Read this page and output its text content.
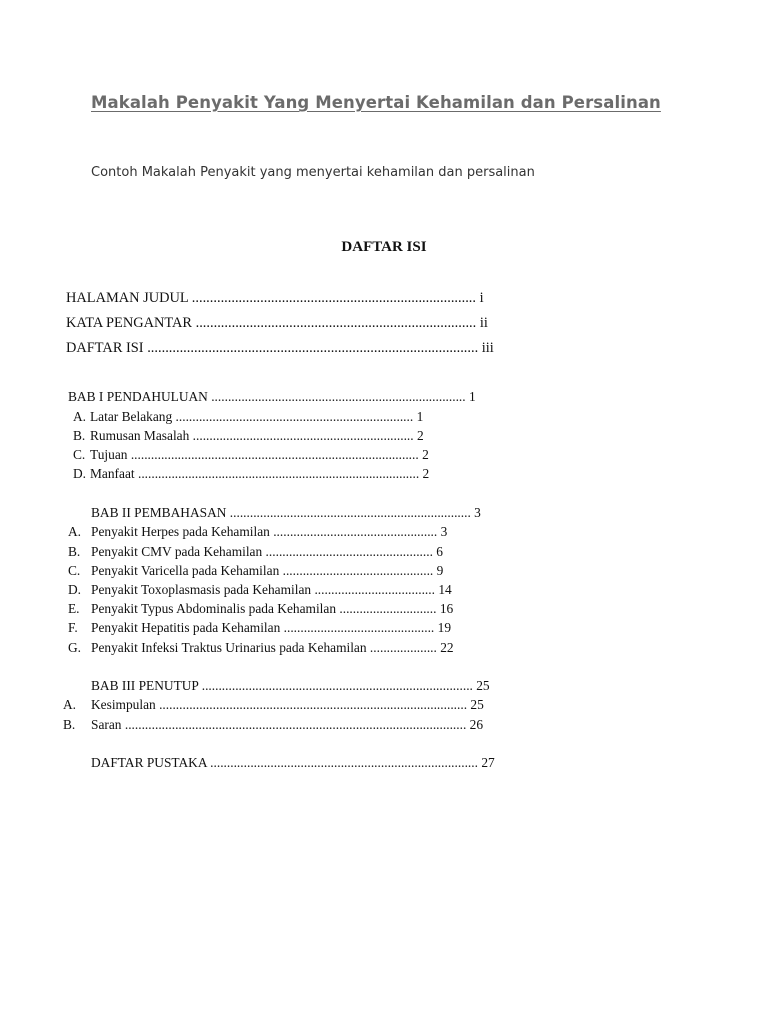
Makalah Penyakit Yang Menyertai Kehamilan dan Persalinan
Contoh Makalah Penyakit yang menyertai kehamilan dan persalinan
DAFTAR ISI
HALAMAN JUDUL ............................................................................... i
KATA PENGANTAR .............................................................................. ii
DAFTAR ISI ............................................................................................ iii
BAB I PENDAHULUAN ............................................................................ 1
A. Latar Belakang ....................................................................... 1
B. Rumusan Masalah .................................................................. 2
C. Tujuan ...................................................................................... 2
D. Manfaat .................................................................................... 2
BAB II PEMBAHASAN ........................................................................ 3
A. Penyakit Herpes pada Kehamilan ................................................. 3
B. Penyakit CMV pada Kehamilan .................................................. 6
C. Penyakit Varicella pada Kehamilan ............................................. 9
D. Penyakit Toxoplasmasis pada Kehamilan .................................... 14
E. Penyakit Typus Abdominalis pada Kehamilan ............................. 16
F. Penyakit Hepatitis pada Kehamilan ............................................. 19
G. Penyakit Infeksi Traktus Urinarius pada Kehamilan .................... 22
BAB III PENUTUP ................................................................................. 25
A. Kesimpulan ............................................................................................ 25
B. Saran ...................................................................................................... 26
DAFTAR PUSTAKA ................................................................................ 27
